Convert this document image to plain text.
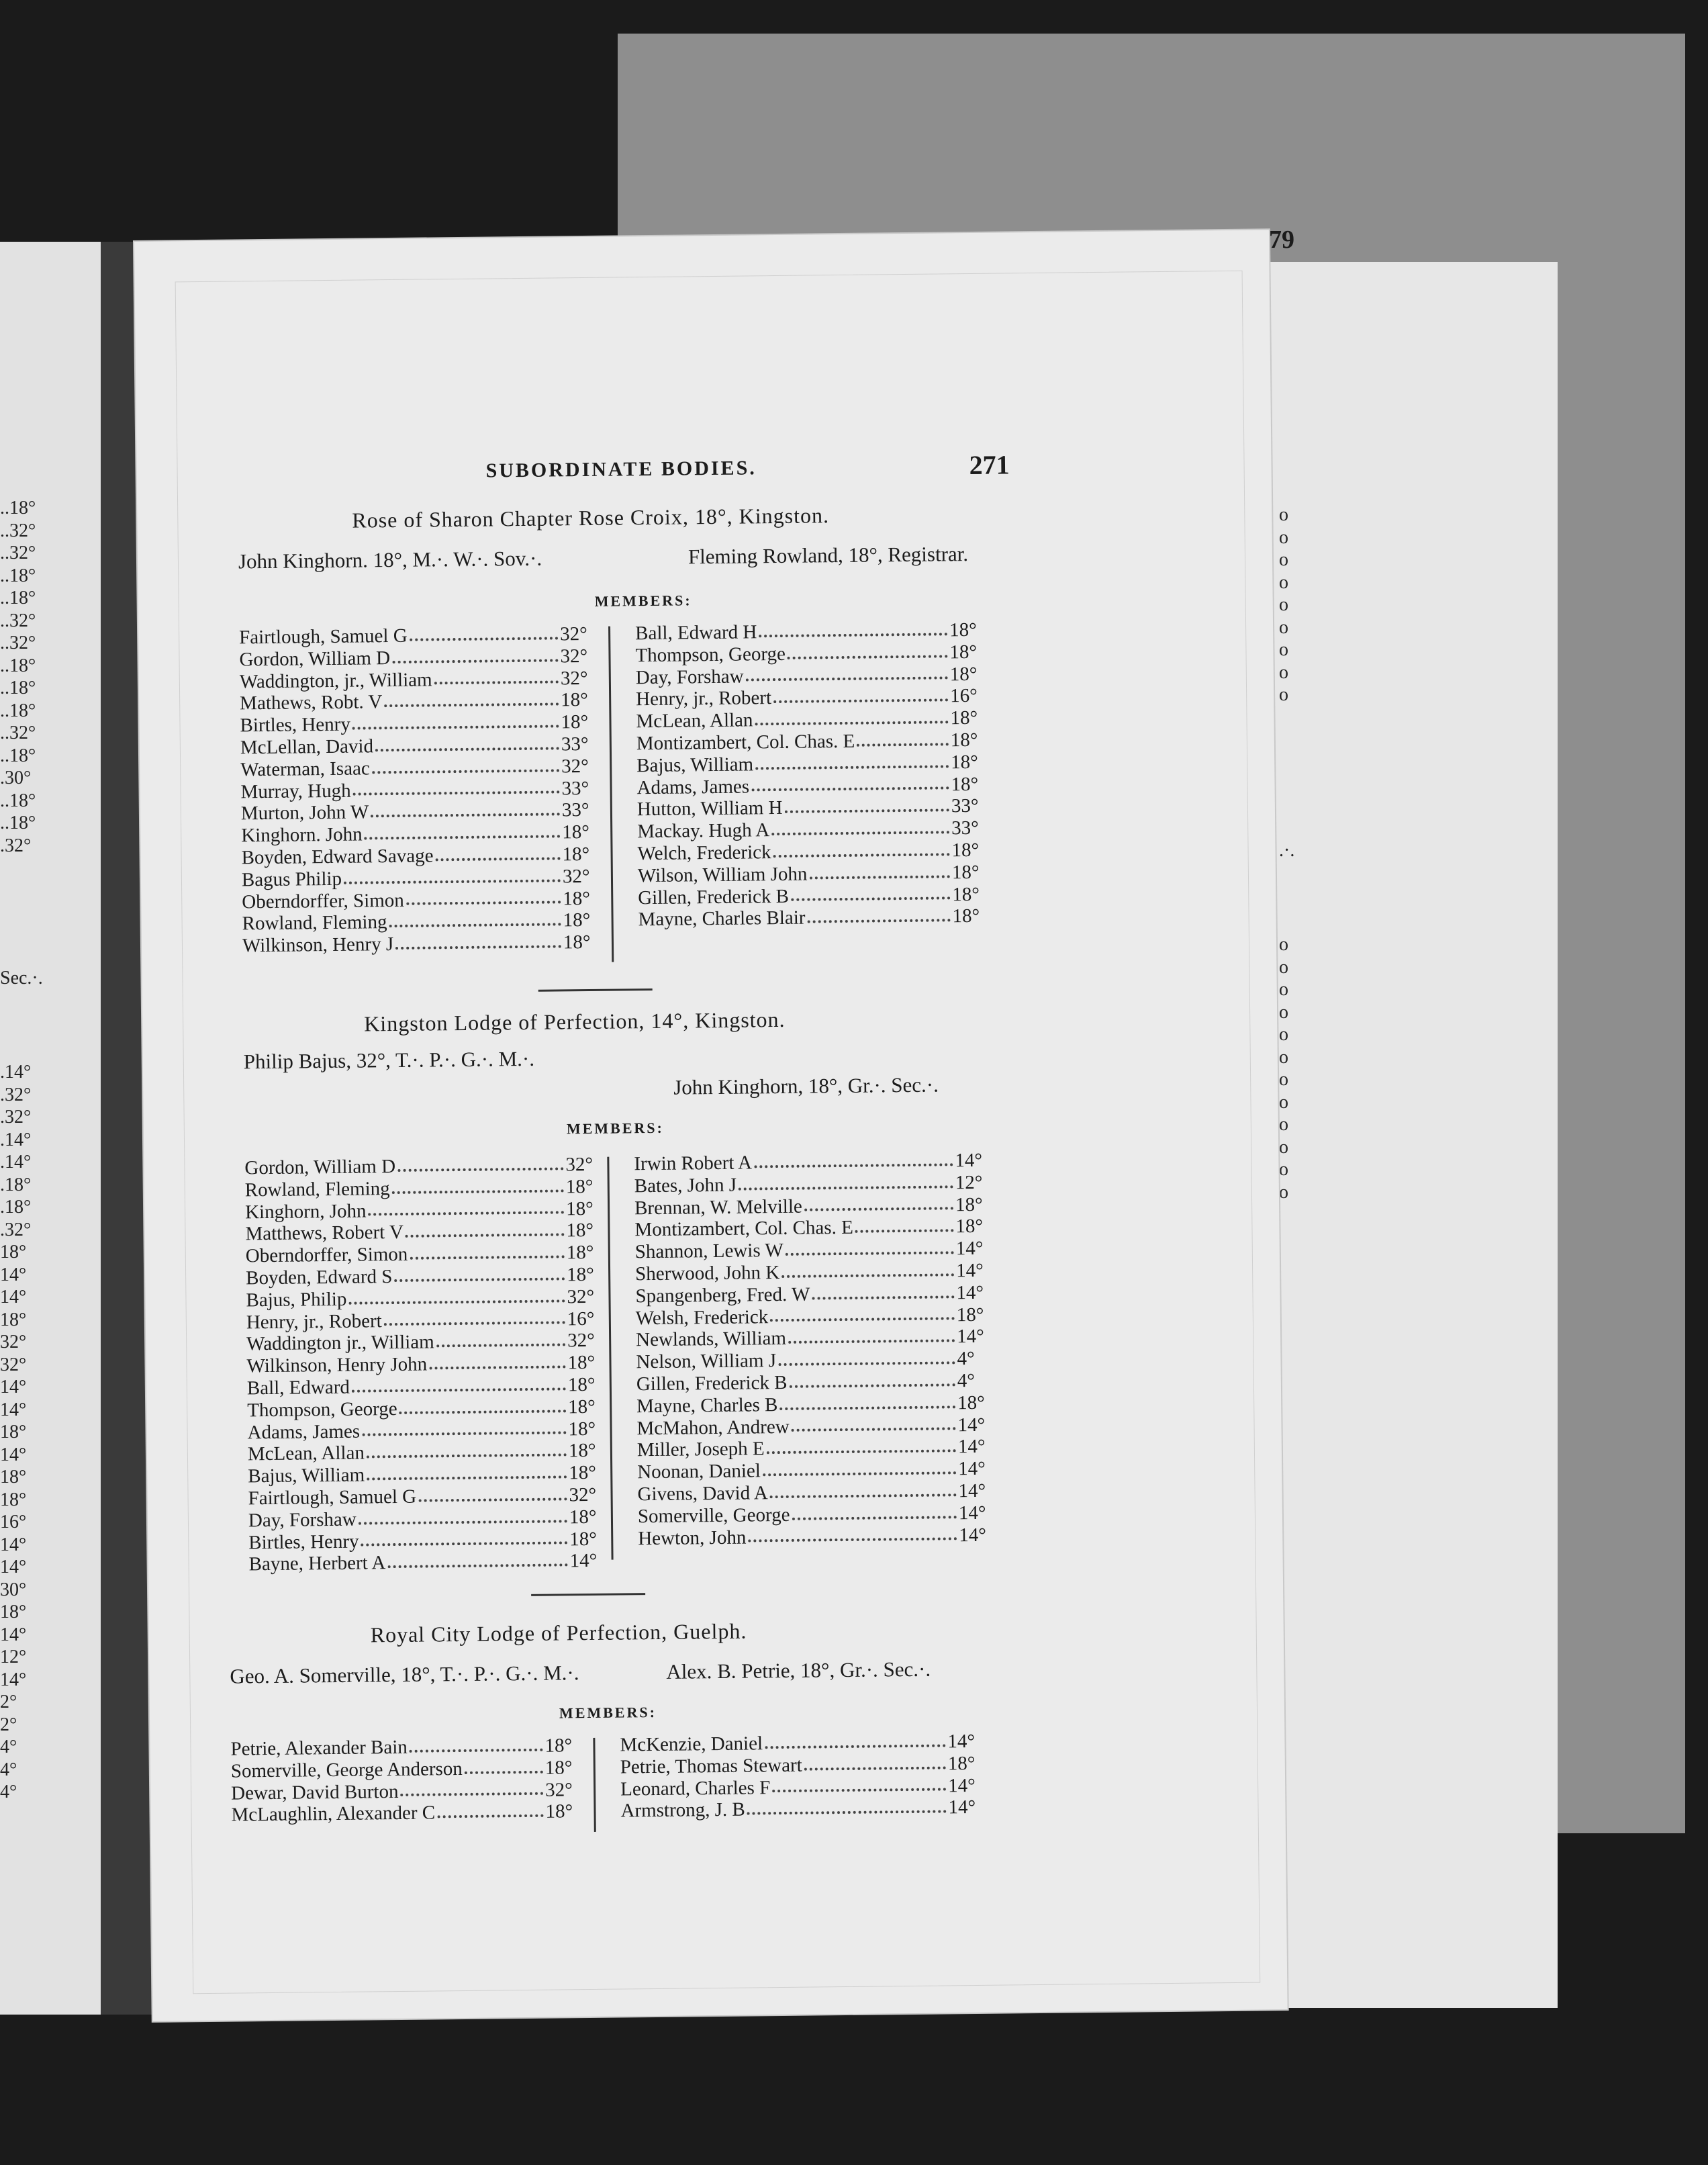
79
o
o
o
o
o
o
o
o
o
.·.
o
o
o
o
o
o
o
o
o
o
o
o
..18°
..32°
..32°
..18°
..18°
..32°
..32°
..18°
..18°
..18°
..32°
..18°
.30°
..18°
..18°
.32°
Sec.·.
.14°
.32°
.32°
.14°
.14°
.18°
.18°
.32°
18°
14°
14°
18°
32°
32°
14°
14°
18°
14°
18°
18°
16°
14°
14°
30°
18°
14°
12°
14°
2°
2°
4°
4°
4°
SUBORDINATE BODIES.	271
Rose of Sharon Chapter Rose Croix, 18°, Kingston.
John Kinghorn. 18°, M.·. W.·. Sov.·.	Fleming Rowland, 18°, Registrar.
MEMBERS:
Fairtlough, Samuel G	32°
Gordon, William D	32°
Waddington, jr., William	32°
Mathews, Robt. V	18°
Birtles, Henry	18°
McLellan, David	33°
Waterman, Isaac	32°
Murray, Hugh	33°
Murton, John W	33°
Kinghorn. John	18°
Boyden, Edward Savage	18°
Bagus Philip	32°
Oberndorffer, Simon	18°
Rowland, Fleming	18°
Wilkinson, Henry J	18°
Ball, Edward H	18°
Thompson, George	18°
Day, Forshaw	18°
Henry, jr., Robert	16°
McLean, Allan	18°
Montizambert, Col. Chas. E	18°
Bajus, William	18°
Adams, James	18°
Hutton, William H	33°
Mackay. Hugh A	33°
Welch, Frederick	18°
Wilson, William John	18°
Gillen, Frederick B	18°
Mayne, Charles Blair	18°
Kingston Lodge of Perfection, 14°, Kingston.
Philip Bajus, 32°, T.·. P.·. G.·. M.·.
John Kinghorn, 18°, Gr.·. Sec.·.
MEMBERS:
Gordon, William D	32°
Rowland, Fleming	18°
Kinghorn, John	18°
Matthews, Robert V	18°
Oberndorffer, Simon	18°
Boyden, Edward S	18°
Bajus, Philip	32°
Henry, jr., Robert	16°
Waddington jr., William	32°
Wilkinson, Henry John	18°
Ball, Edward	18°
Thompson, George	18°
Adams, James	18°
McLean, Allan	18°
Bajus, William	18°
Fairtlough, Samuel G	32°
Day, Forshaw	18°
Birtles, Henry	18°
Bayne, Herbert A	14°
Irwin Robert A	14°
Bates, John J	12°
Brennan, W. Melville	18°
Montizambert, Col. Chas. E	18°
Shannon, Lewis W	14°
Sherwood, John K	14°
Spangenberg, Fred. W	14°
Welsh, Frederick	18°
Newlands, William	14°
Nelson, William J	4°
Gillen, Frederick B	4°
Mayne, Charles B	18°
McMahon, Andrew	14°
Miller, Joseph E	14°
Noonan, Daniel	14°
Givens, David A	14°
Somerville, George	14°
Hewton, John	14°
Royal City Lodge of Perfection, Guelph.
Geo. A. Somerville, 18°, T.·. P.·. G.·. M.·.	Alex. B. Petrie, 18°, Gr.·. Sec.·.
MEMBERS:
Petrie, Alexander Bain	18°
Somerville, George Anderson	18°
Dewar, David Burton	32°
McLaughlin, Alexander C	18°
McKenzie, Daniel	14°
Petrie, Thomas Stewart	18°
Leonard, Charles F	14°
Armstrong, J. B	14°
